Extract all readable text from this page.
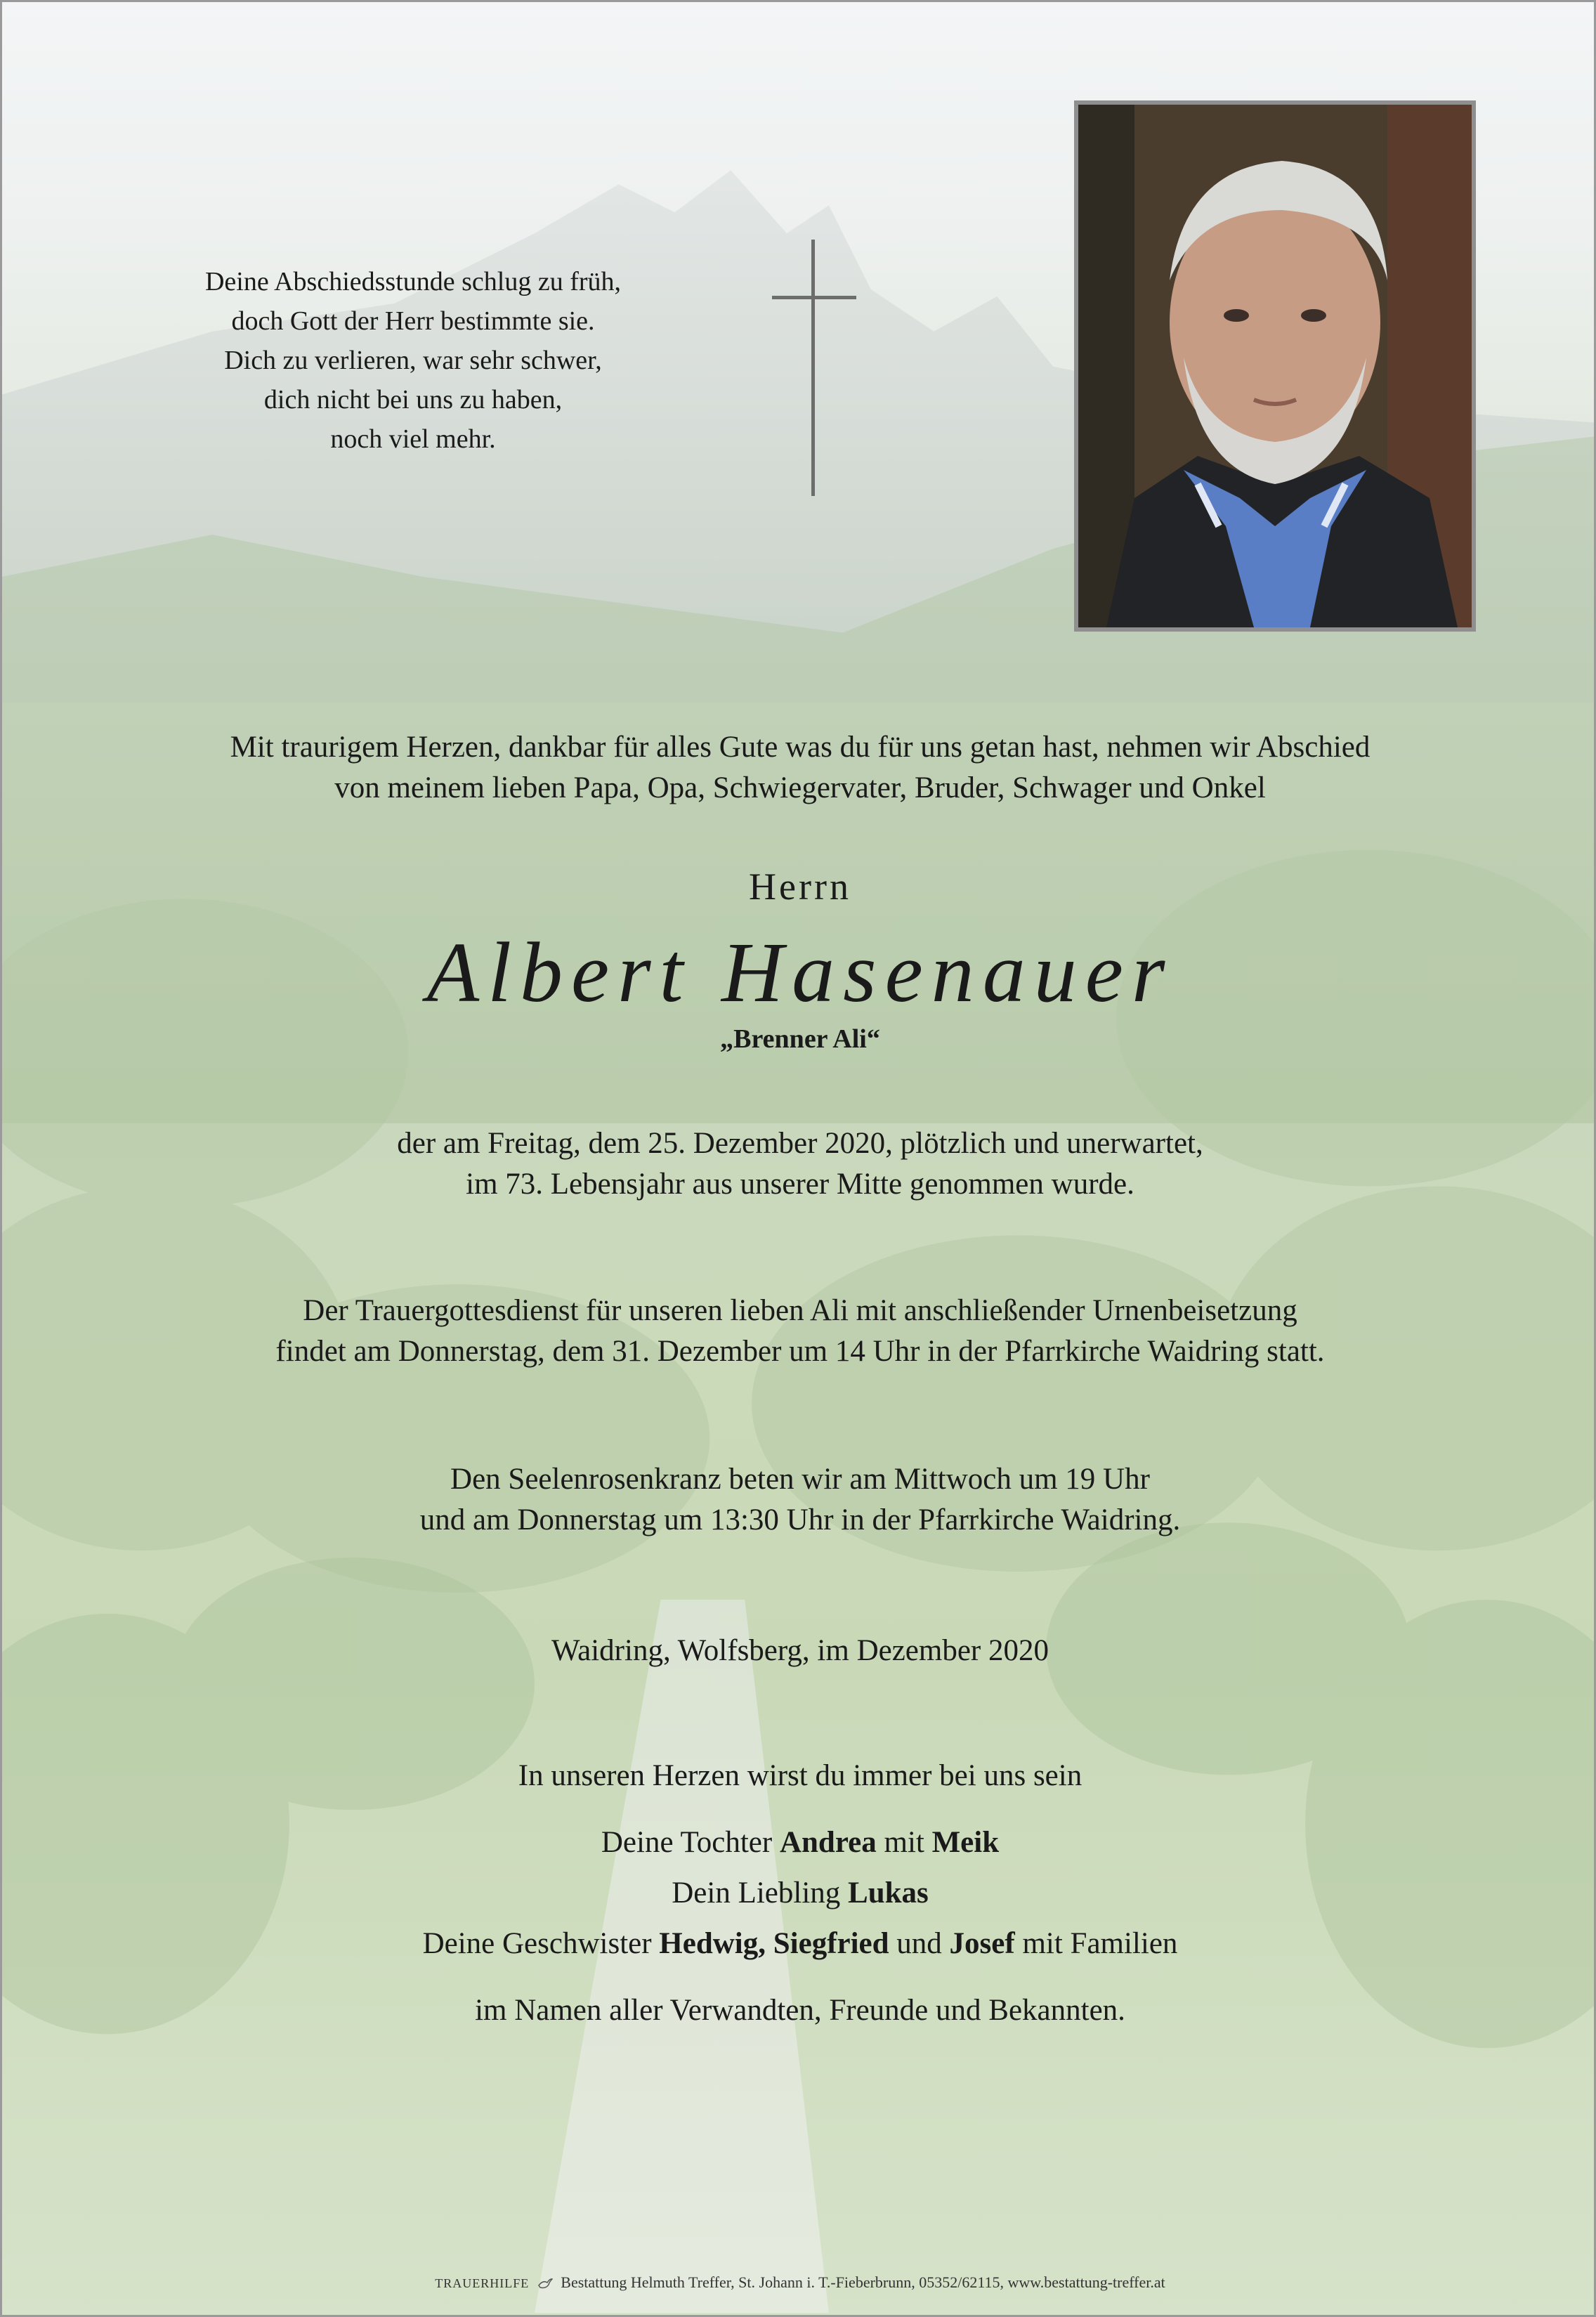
Deine Abschiedsstunde schlug zu früh,
doch Gott der Herr bestimmte sie.
Dich zu verlieren, war sehr schwer,
dich nicht bei uns zu haben,
noch viel mehr.
Mit traurigem Herzen, dankbar für alles Gute was du für uns getan hast, nehmen wir Abschied
von meinem lieben Papa, Opa, Schwiegervater, Bruder, Schwager und Onkel
Herrn
Albert Hasenauer
„Brenner Ali“
der am Freitag, dem 25. Dezember 2020, plötzlich und unerwartet,
im 73. Lebensjahr aus unserer Mitte genommen wurde.
Der Trauergottesdienst für unseren lieben Ali mit anschließender Urnenbeisetzung
findet am Donnerstag, dem 31. Dezember um 14 Uhr in der Pfarrkirche Waidring statt.
Den Seelenrosenkranz beten wir am Mittwoch um 19 Uhr
und am Donnerstag um 13:30 Uhr in der Pfarrkirche Waidring.
Waidring, Wolfsberg, im Dezember 2020
In unseren Herzen wirst du immer bei uns sein
Deine Tochter Andrea mit Meik
Dein Liebling Lukas
Deine Geschwister Hedwig, Siegfried und Josef mit Familien
im Namen aller Verwandten, Freunde und Bekannten.
TRAUERHILFE Bestattung Helmuth Treffer, St. Johann i. T.-Fieberbrunn, 05352/62115, www.bestattung-treffer.at
